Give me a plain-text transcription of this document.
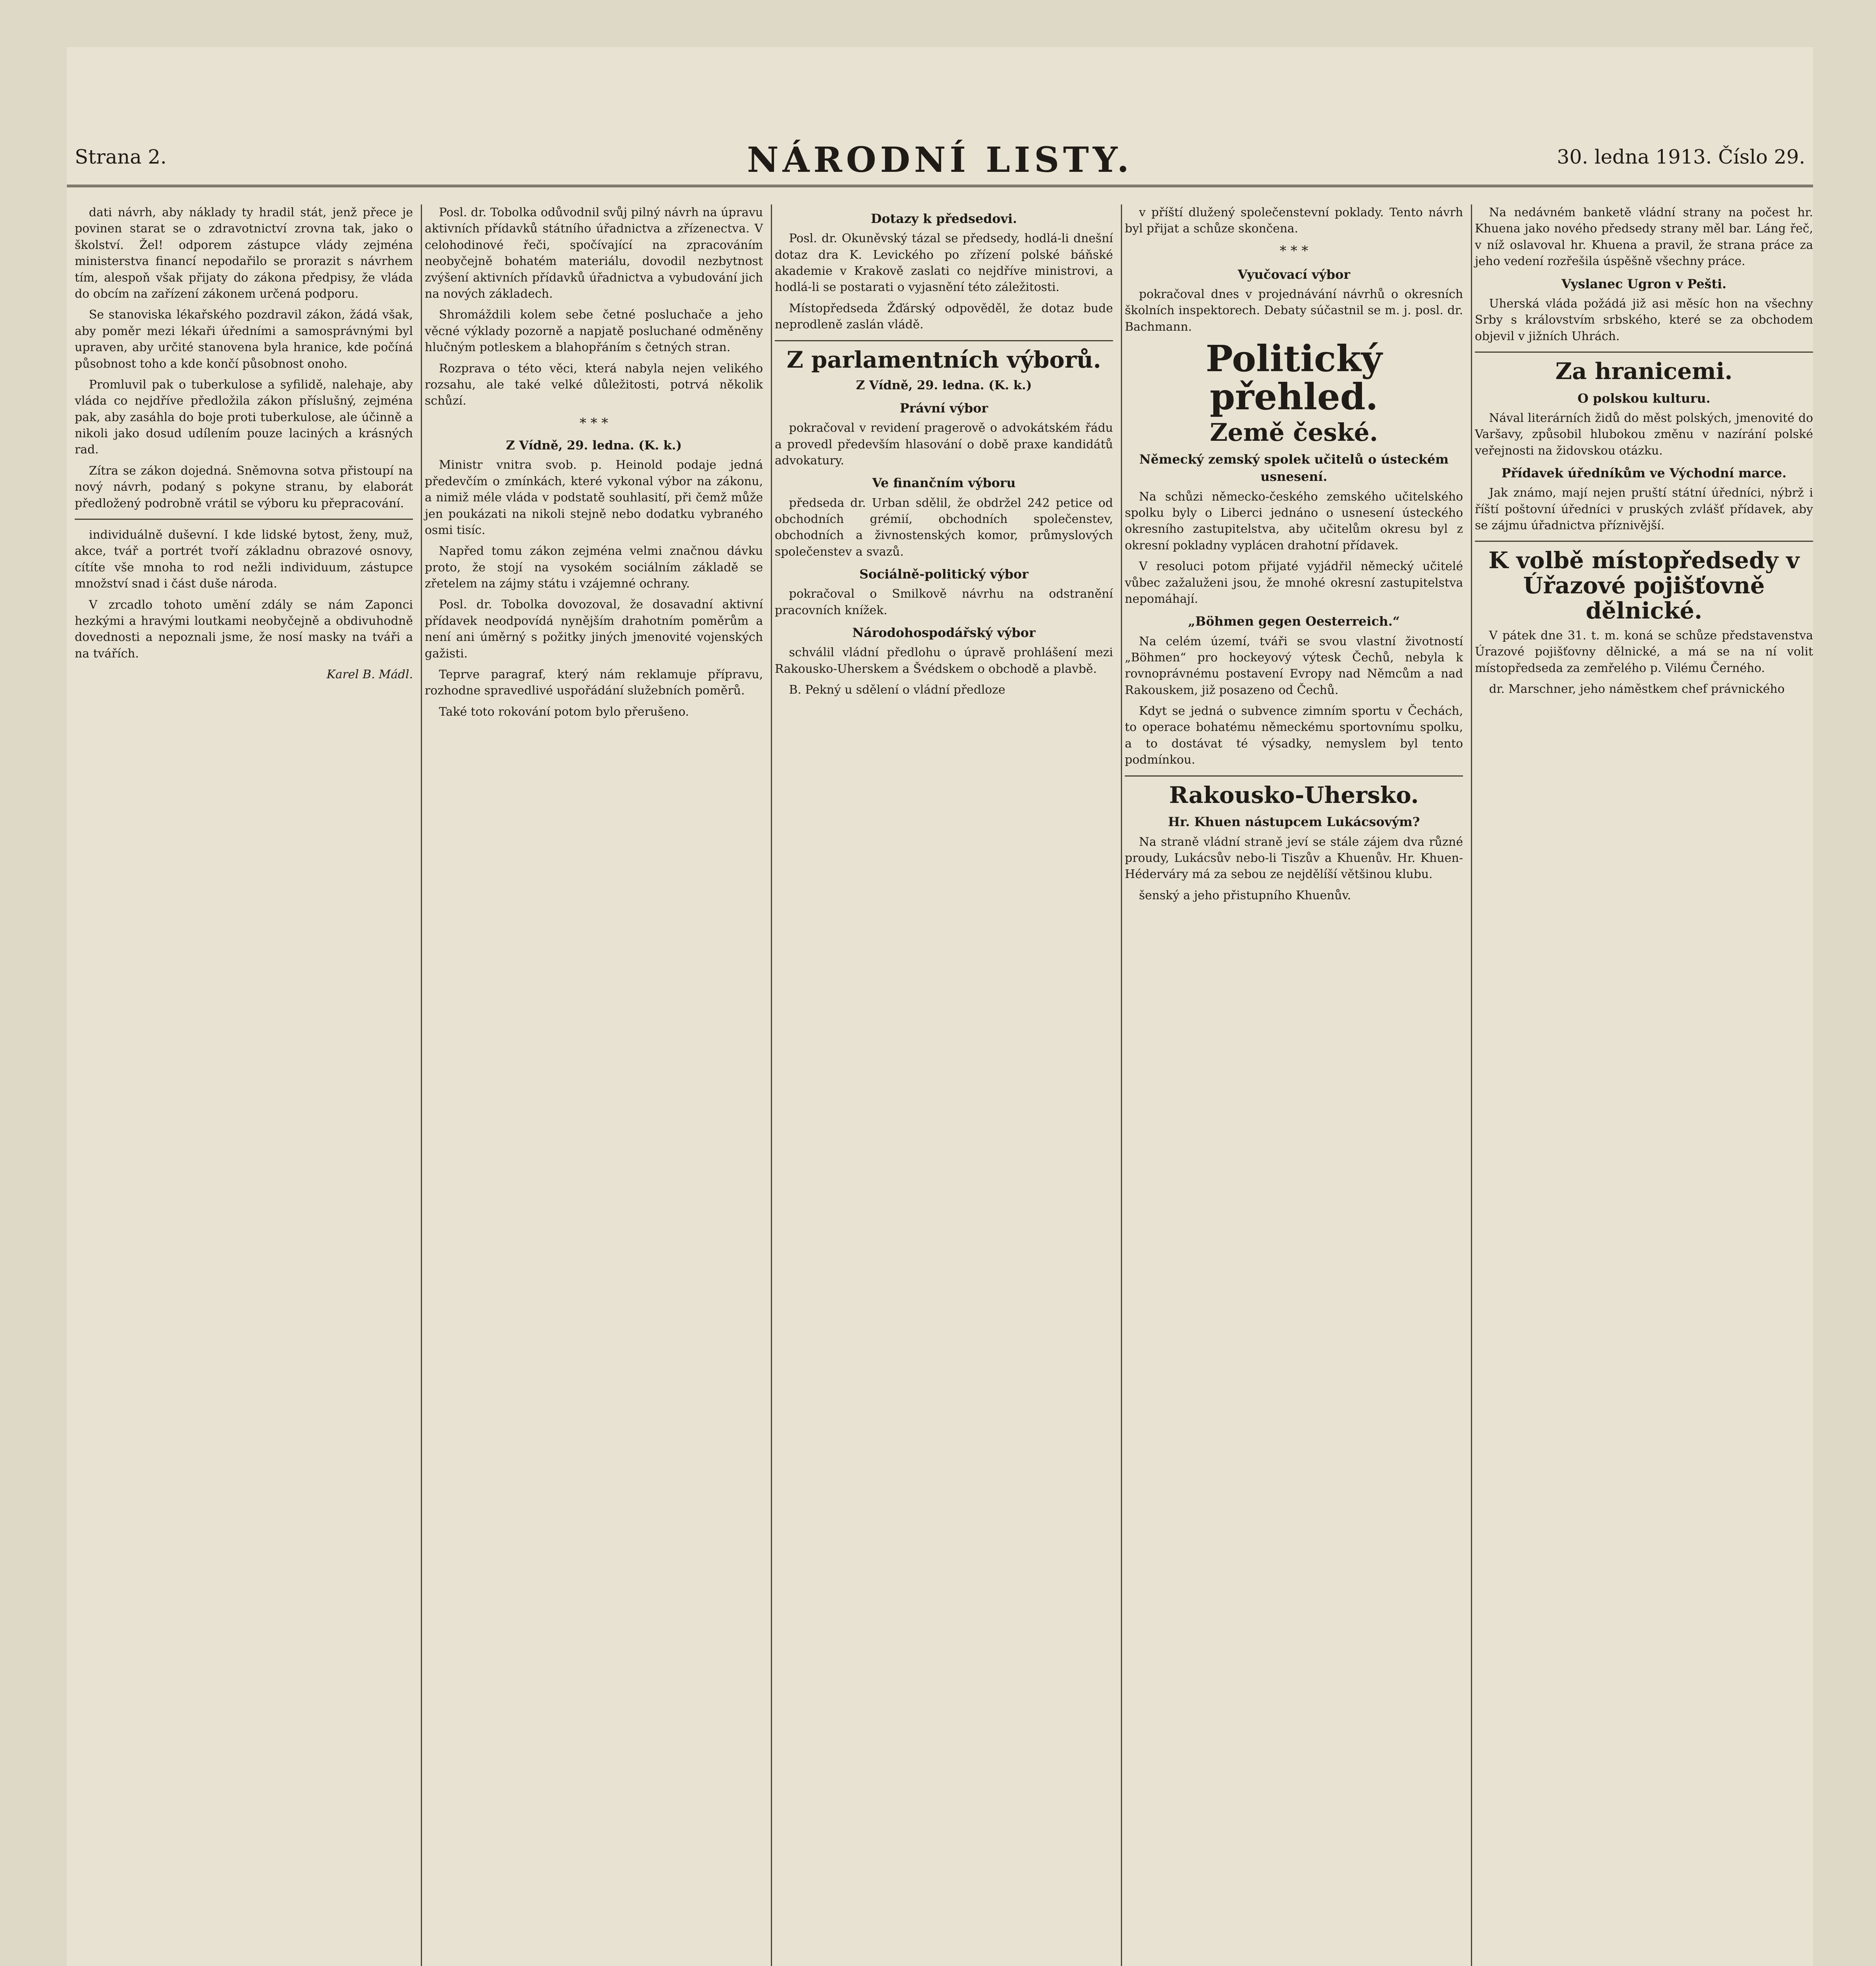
Strana 2.	NÁRODNÍ LISTY.	30. ledna 1913. Číslo 29.

dati návrh, aby náklady ty hradil stát, jenž přece je povinen starat se o zdravotnictví zrovna tak, jako o školství. Žel! odporem zástupce vlády zejména ministerstva financí nepodařilo se prorazit s návrhem tím, alespoň však přijaty do zákona předpisy, že vláda do obcím na zařízení zákonem určená podporu.

Se stanoviska lékařského pozdravil zákon, žádá však, aby poměr mezi lékaři úředními a samosprávnými byl upraven, aby určité stanovena byla hranice, kde počíná působnost toho a kde končí působnost onoho.

Promluvil pak o tuberkulose a syfilidě, nalehaje, aby vláda co nejdříve předložila zákon příslušný, zejména pak, aby zasáhla do boje proti tuberkulose, ale účinně a nikoli jako dosud udílením pouze laciných a krásných rad.

Zítra se zákon dojedná. Sněmovna sotva přistoupí na nový návrh, podaný s pokyne stranu, by elaborát předložený podrobně vrátil se výboru ku přepracování.

individuálně duševní. I kde lidské bytost, ženy, muž, akce, tvář a portrét tvoří základnu obrazové osnovy, cítíte vše mnoha to rod nežli individuum, zástupce množství snad i část duše národa.

V zrcadlo tohoto umění zdály se nám Zaponci hezkými a hravými loutkami neobyčejně a obdivuhodně dovednosti a nepoznali jsme, že nosí masky na tváři a na tvářích.

Karel B. Mádl.

Posl. dr. Tobolka odůvodnil svůj pilný návrh na úpravu aktivních přídavků státního úřadnictva a zřízenectva. V celohodinové řeči, spočívající na zpracováním neobyčejně bohatém materiálu, dovodil nezbytnost zvýšení aktivních přídavků úřadnictva a vybudování jich na nových základech.

Shromáždili kolem sebe četné posluchače a jeho věcné výklady pozorně a napjatě posluchané odměněny hlučným potleskem a blahopřáním s četných stran.

Rozprava o této věci, která nabyla nejen velikého rozsahu, ale také velké důležitosti, potrvá několik schůzí.

* * *
Z Vídně, 29. ledna. (K. k.)

Ministr vnitra svob. p. Heinold podaje jedná předevčím o zmínkách, které vykonal výbor na zákonu, a nimiž méle vláda v podstatě souhlasití, při čemž může jen poukázati na nikoli stejně nebo dodatku vybraného osmi tisíc.

Napřed tomu zákon zejména velmi značnou dávku proto, že stojí na vysokém sociálním základě se zřetelem na zájmy státu i vzájemné ochrany.

Posl. dr. Tobolka dovozoval, že dosavadní aktivní přídavek neodpovídá nynějším drahotním poměrům a není ani úměrný s požitky jiných jmenovité vojenských gažisti.

Teprve paragraf, který nám reklamuje přípravu, rozhodne spravedlivé uspořádání služebních poměrů.

Také toto rokování potom bylo přerušeno.

Dotazy k předsedovi.

Posl. dr. Okuněvský tázal se předsedy, hodlá-li dnešní dotaz dra K. Levického po zřízení polské báňské akademie v Krakově zaslati co nejdříve ministrovi, a hodlá-li se postarati o vyjasnění této záležitosti.

Místopředseda Žďárský odpověděl, že dotaz bude neprodleně zaslán vládě.

Z parlamentních výborů.
Z Vídně, 29. ledna. (K. k.)
Právní výbor

pokračoval v revidení pragerově o advokátském řádu a provedl především hlasování o době praxe kandidátů advokatury.

Ve finančním výboru

předseda dr. Urban sdělil, že obdržel 242 petice od obchodních grémií, obchodních společenstev, obchodních a živnostenských komor, průmyslových společenstev a svazů.

Sociálně-politický výbor

pokračoval o Smilkově návrhu na odstranění pracovních knížek.

Národohospodářský výbor

schválil vládní předlohu o úpravě prohlášení mezi Rakousko-Uherskem a Švédskem o obchodě a plavbě.

B. Pekný u sdělení o vládní předloze

v příští dlužený společenstevní poklady. Tento návrh byl přijat a schůze skončena.

* * *
Vyučovací výbor

pokračoval dnes v projednávání návrhů o okresních školních inspektorech. Debaty súčastnil se m. j. posl. dr. Bachmann.

Politický přehled.
Země české.
Německý zemský spolek učitelů o ústeckém usnesení.

Na schůzi německo-českého zemského učitelského spolku byly o Liberci jednáno o usnesení ústeckého okresního zastupitelstva, aby učitelům okresu byl z okresní pokladny vyplácen drahotní přídavek.

V resoluci potom přijaté vyjádřil německý učitelé vůbec zažaluženi jsou, že mnohé okresní zastupitelstva nepomáhají.

„Böhmen gegen Oesterreich.“

Na celém území, tváři se svou vlastní životností „Böhmen“ pro hockeyový výtesk Čechů, nebyla k rovnoprávnému postavení Evropy nad Němcům a nad Rakouskem, již posazeno od Čechů.

Kdyt se jedná o subvence zimním sportu v Čechách, to operace bohatému německému sportovnímu spolku, a to dostávat té výsadky, nemyslem byl tento podmínkou.

Rakousko-Uhersko.
Hr. Khuen nástupcem Lukácsovým?

Na straně vládní straně jeví se stále zájem dva různé proudy, Lukácsův nebo-li Tiszův a Khuenův. Hr. Khuen-Héderváry má za sebou ze nejdělíší většinou klubu.

šenský a jeho přistupního Khuenův.

Na nedávném banketě vládní strany na počest hr. Khuena jako nového předsedy strany měl bar. Láng řeč, v níž oslavoval hr. Khuena a pravil, že strana práce za jeho vedení rozřešila úspěšně všechny práce.

Vyslanec Ugron v Pešti.

Uherská vláda požádá již asi měsíc hon na všechny Srby s královstvím srbského, které se za obchodem objevil v jižních Uhrách.

Za hranicemi.
O polskou kulturu.

Nával literárních židů do měst polských, jmenovité do Varšavy, způsobil hlubokou změnu v nazírání polské veřejnosti na židovskou otázku.

Přídavek úředníkům ve Východní marce.

Jak známo, mají nejen pruští státní úředníci, nýbrž i říští poštovní úředníci v pruských zvlášť přídavek, aby se zájmu úřadnictva příznivější.

K volbě místopředsedy v Úřazové pojišťovně dělnické.

V pátek dne 31. t. m. koná se schůze představenstva Úrazové pojišťovny dělnické, a má se na ní volit místopředseda za zemřelého p. Vilému Černého.

dr. Marschner, jeho náměstkem chef právnického
